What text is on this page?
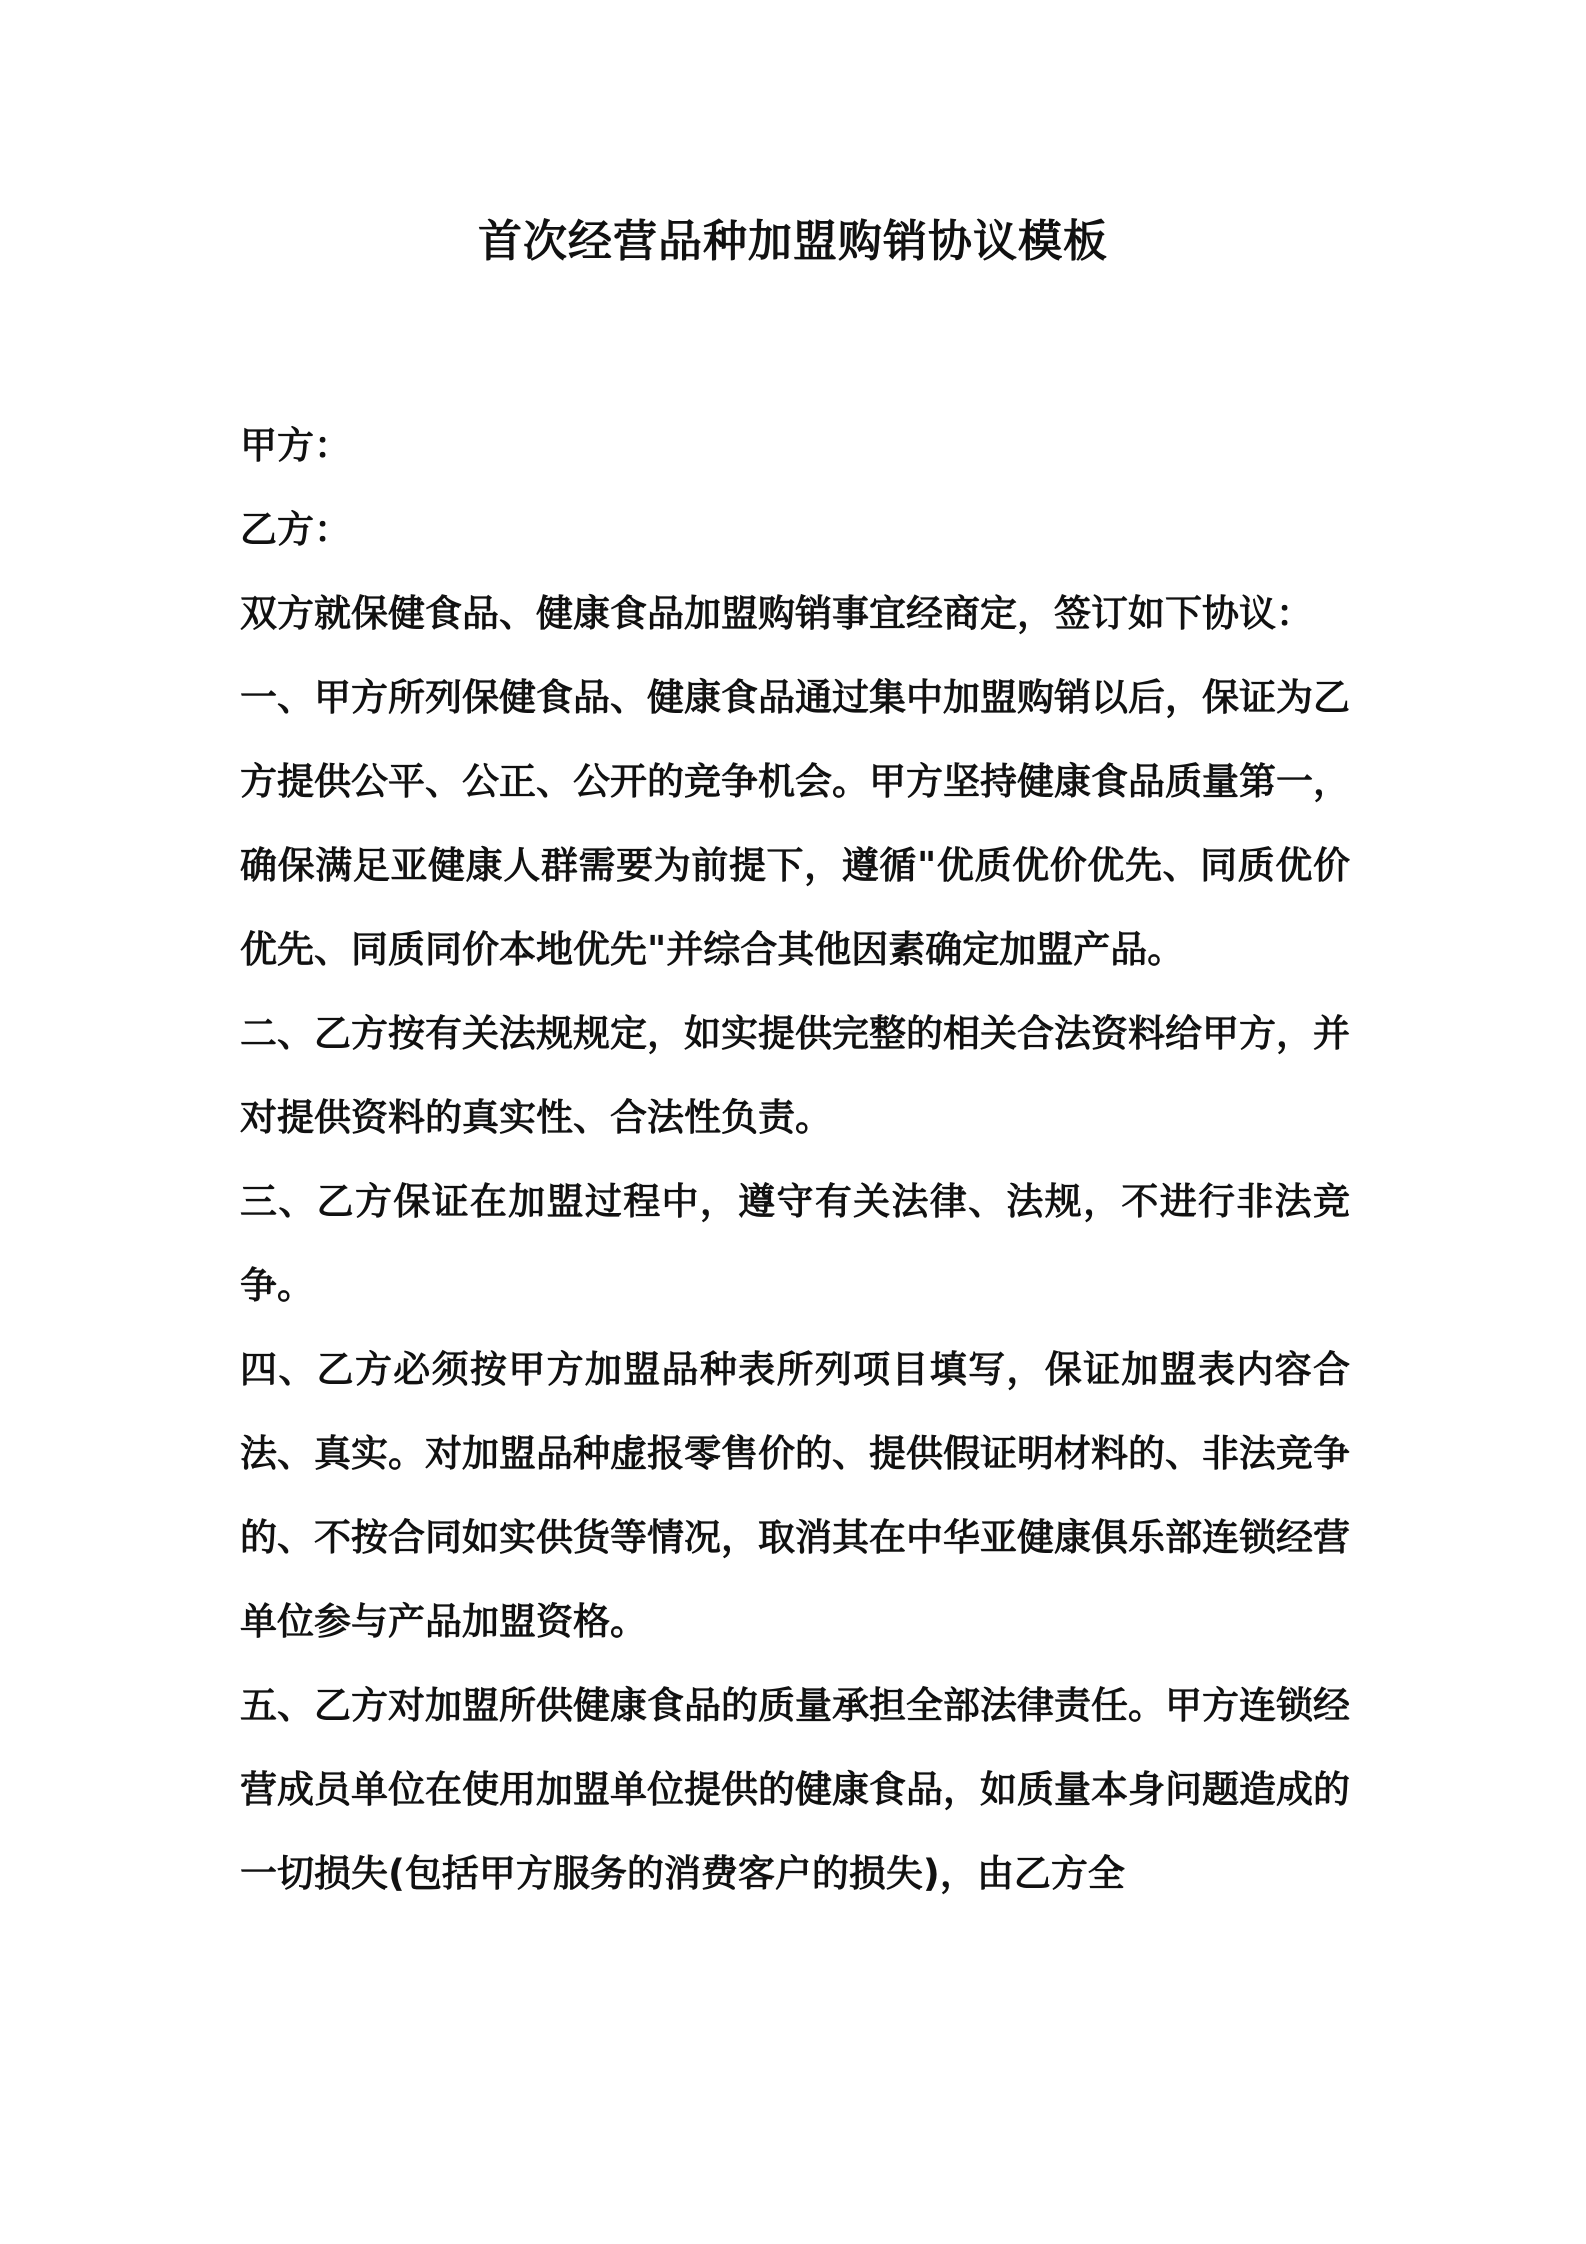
首次经营品种加盟购销协议模板

甲方：

乙方：

双方就保健食品、健康食品加盟购销事宜经商定，签订如下协议：

一、甲方所列保健食品、健康食品通过集中加盟购销以后，保证为乙方提供公平、公正、公开的竞争机会。甲方坚持健康食品质量第一，确保满足亚健康人群需要为前提下，遵循"优质优价优先、同质优价优先、同质同价本地优先"并综合其他因素确定加盟产品。

二、乙方按有关法规规定，如实提供完整的相关合法资料给甲方，并对提供资料的真实性、合法性负责。

三、乙方保证在加盟过程中，遵守有关法律、法规，不进行非法竞争。

四、乙方必须按甲方加盟品种表所列项目填写，保证加盟表内容合法、真实。对加盟品种虚报零售价的、提供假证明材料的、非法竞争的、不按合同如实供货等情况，取消其在中华亚健康俱乐部连锁经营单位参与产品加盟资格。

五、乙方对加盟所供健康食品的质量承担全部法律责任。甲方连锁经营成员单位在使用加盟单位提供的健康食品，如质量本身问题造成的一切损失(包括甲方服务的消费客户的损失)，由乙方全
